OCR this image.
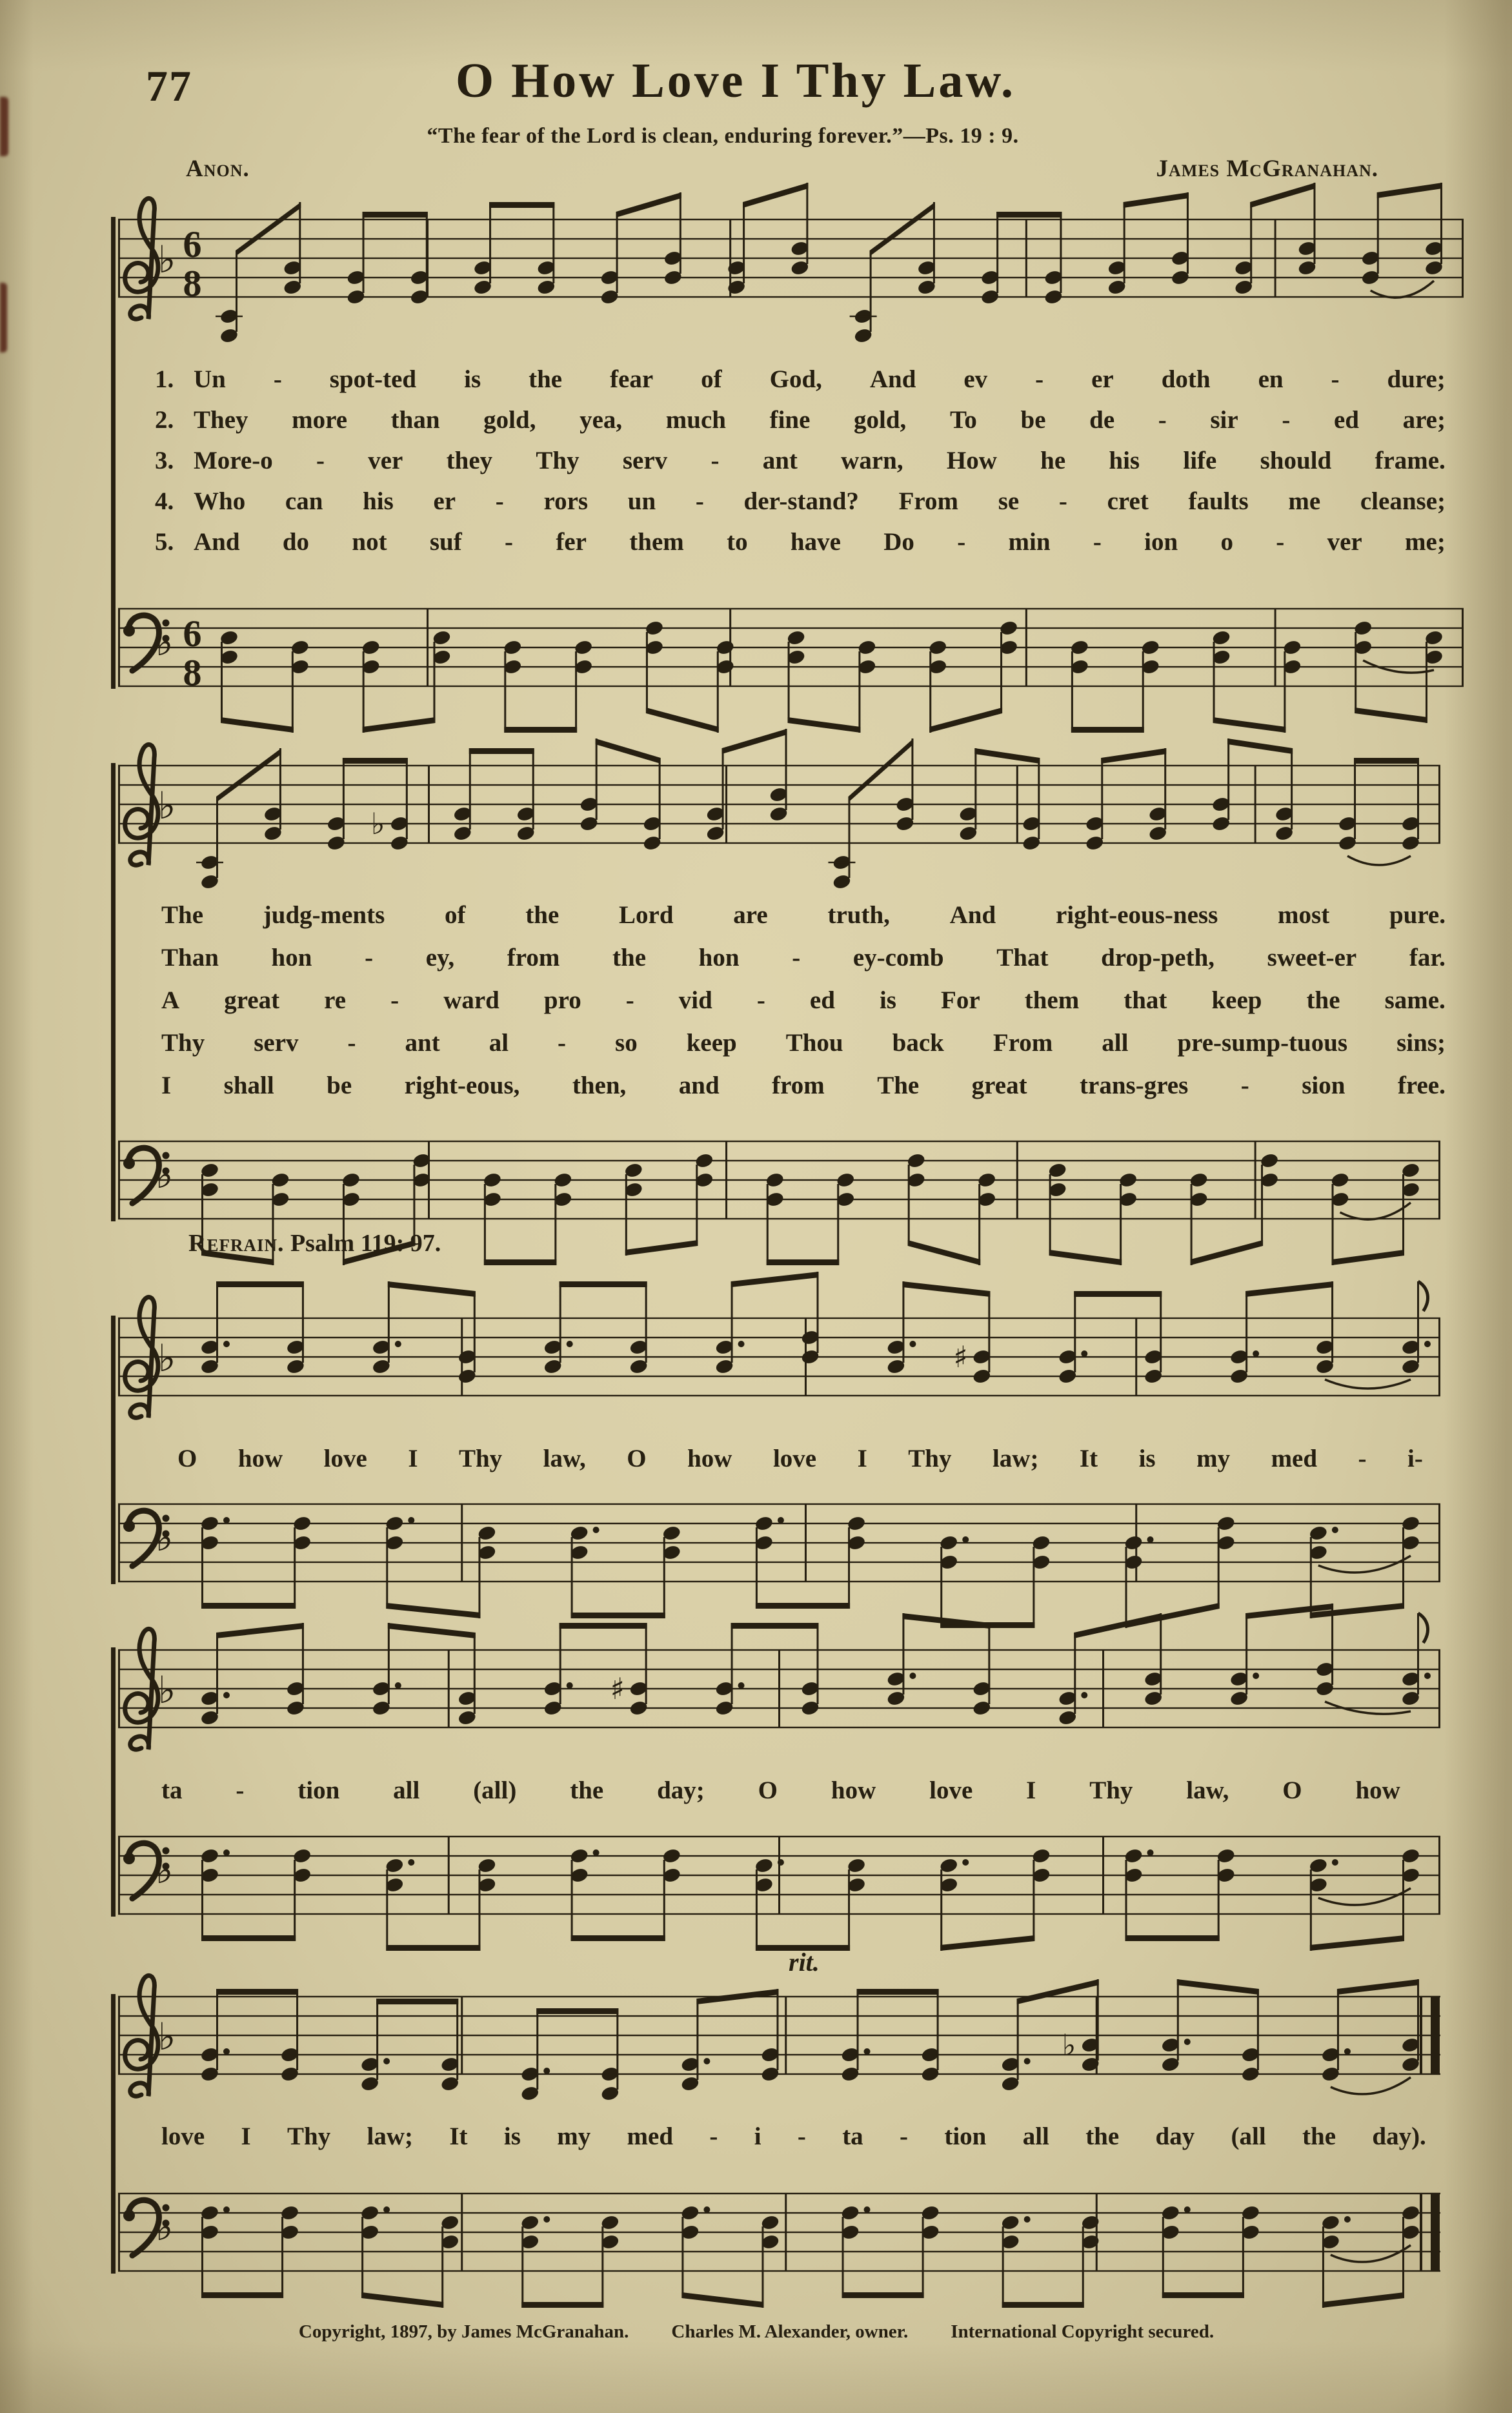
77	O How Love I Thy Law.
“The fear of the Lord is clean, enduring forever.”—Ps. 19 : 9.
Anon.	James McGranahan.
♭ 6
8
♭ 6
8
♭	♭
♭
♭	♯
♭
♭	♯
♭
♭	♭
♭
1. Un - spot-ted is the fear of God, And ev - er doth en - dure;
2. They more than gold, yea, much fine gold, To be de - sir - ed are;
3. More-o - ver they Thy serv - ant warn, How he his life should frame.
4. Who can his er - rors un - der-stand? From se - cret faults me cleanse;
5. And do not suf - fer them to have Do - min - ion o - ver me;
The judg-ments of the Lord are truth, And right-eous-ness most pure.
Than hon - ey, from the hon - ey-comb That drop-peth, sweet-er far.
A great re - ward pro - vid - ed is For them that keep the same.
Thy serv - ant al - so keep Thou back From all pre-sump-tuous sins;
I shall be right-eous, then, and from The great trans-gres - sion free.
Refrain. Psalm 119: 97.
O how love I Thy law, O how love I Thy law; It is my med - i-
ta - tion all (all) the day; O how love I Thy law, O how
love I Thy law; It is my med - i - ta - tion all the day (all the day).
rit.
Copyright, 1897, by James McGranahan. Charles M. Alexander, owner. International Copyright secured.
